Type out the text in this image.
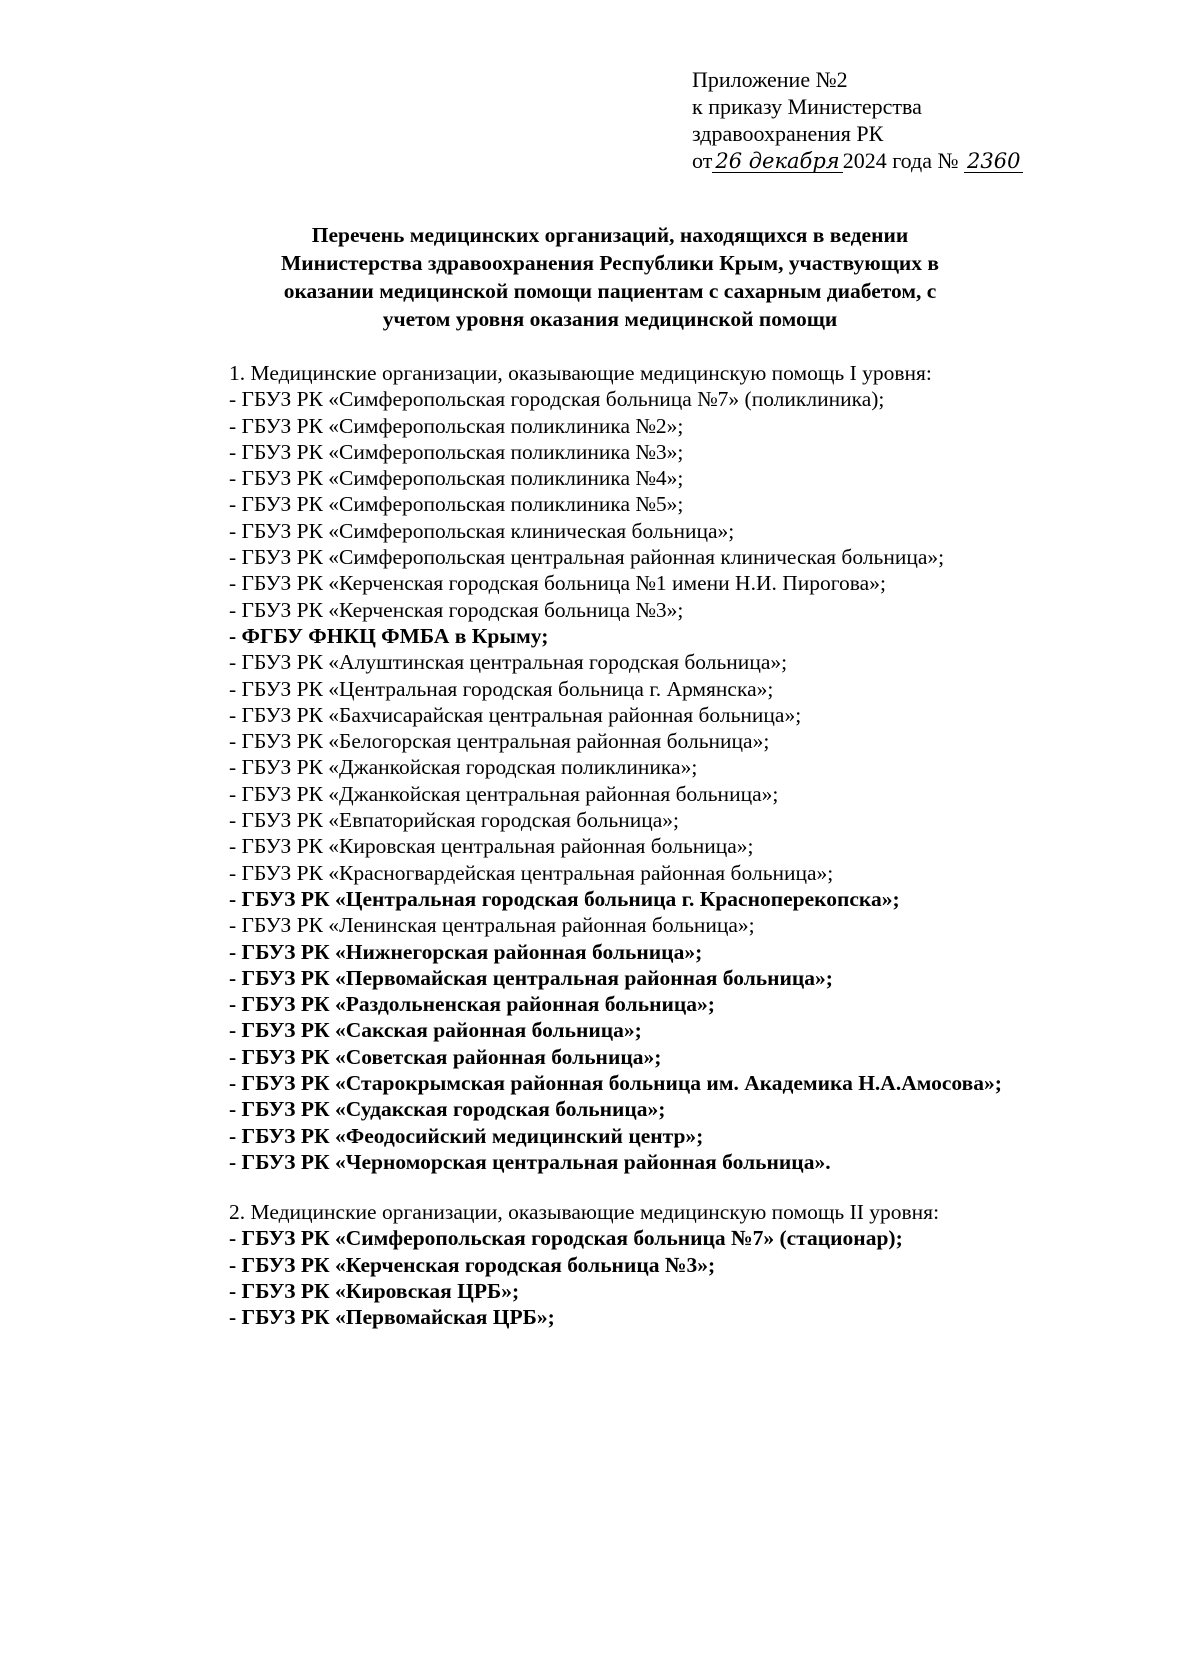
Приложение №2
к приказу Министерства
здравоохранения РК
от 26 декабря 2024 года № 2360
Перечень медицинских организаций, находящихся в ведении
Министерства здравоохранения Республики Крым, участвующих в
оказании медицинской помощи пациентам с сахарным диабетом, с
учетом уровня оказания медицинской помощи
1. Медицинские организации, оказывающие медицинскую помощь I уровня:
- ГБУЗ РК «Симферопольская городская больница №7» (поликлиника);
- ГБУЗ РК «Симферопольская поликлиника №2»;
- ГБУЗ РК «Симферопольская поликлиника №3»;
- ГБУЗ РК «Симферопольская поликлиника №4»;
- ГБУЗ РК «Симферопольская поликлиника №5»;
- ГБУЗ РК «Симферопольская клиническая больница»;
- ГБУЗ РК «Симферопольская центральная районная клиническая больница»;
- ГБУЗ РК «Керченская городская больница №1 имени Н.И. Пирогова»;
- ГБУЗ РК «Керченская городская больница №3»;
- ФГБУ ФНКЦ ФМБА в Крыму;
- ГБУЗ РК «Алуштинская центральная городская больница»;
- ГБУЗ РК «Центральная городская больница г. Армянска»;
- ГБУЗ РК «Бахчисарайская центральная районная больница»;
- ГБУЗ РК «Белогорская центральная районная больница»;
- ГБУЗ РК «Джанкойская городская поликлиника»;
- ГБУЗ РК «Джанкойская центральная районная больница»;
- ГБУЗ РК «Евпаторийская городская больница»;
- ГБУЗ РК «Кировская центральная районная больница»;
- ГБУЗ РК «Красногвардейская центральная районная больница»;
- ГБУЗ РК «Центральная городская больница г. Красноперекопска»;
- ГБУЗ РК «Ленинская центральная районная больница»;
- ГБУЗ РК «Нижнегорская районная больница»;
- ГБУЗ РК «Первомайская центральная районная больница»;
- ГБУЗ РК «Раздольненская районная больница»;
- ГБУЗ РК «Сакская районная больница»;
- ГБУЗ РК «Советская районная больница»;
- ГБУЗ РК «Старокрымская районная больница им. Академика Н.А.Амосова»;
- ГБУЗ РК «Судакская городская больница»;
- ГБУЗ РК «Феодосийский медицинский центр»;
- ГБУЗ РК «Черноморская центральная районная больница».
2. Медицинские организации, оказывающие медицинскую помощь II уровня:
- ГБУЗ РК «Симферопольская городская больница №7» (стационар);
- ГБУЗ РК «Керченская городская больница №3»;
- ГБУЗ РК «Кировская ЦРБ»;
- ГБУЗ РК «Первомайская ЦРБ»;
